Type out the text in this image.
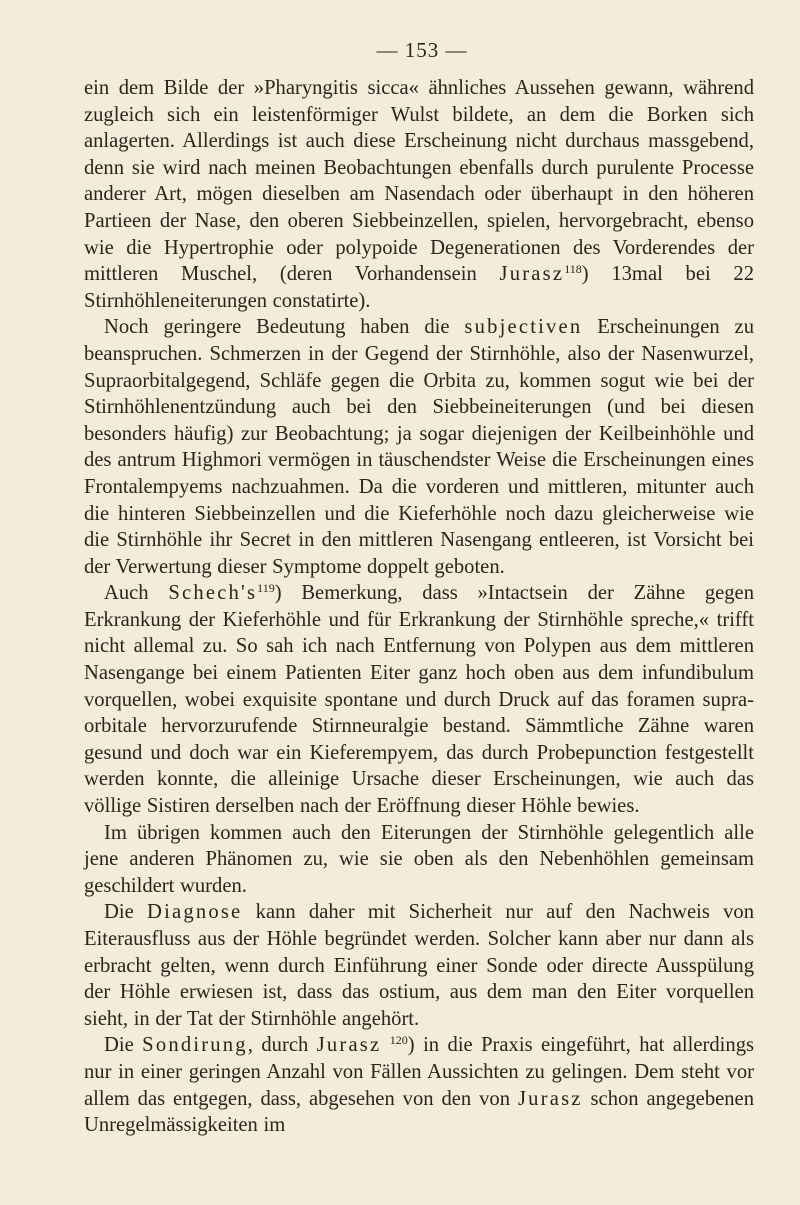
— 153 —

ein dem Bilde der »Pharyngitis sicca« ähnliches Aussehen gewann, während zugleich sich ein leistenförmiger Wulst bildete, an dem die Borken sich anlagerten. Allerdings ist auch diese Erscheinung nicht durchaus massgebend, denn sie wird nach meinen Beobachtungen ebenfalls durch purulente Processe anderer Art, mögen dieselben am Nasendach oder überhaupt in den höheren Partieen der Nase, den oberen Siebbeinzellen, spielen, hervorgebracht, ebenso wie die Hypertrophie oder polypoide Degenerationen des Vorderendes der mittleren Muschel, (deren Vorhandensein Jurasz$^{118}$) 13mal bei 22 Stirnhöhleneiterungen constatirte).

Noch geringere Bedeutung haben die subjectiven Erscheinungen zu beanspruchen. Schmerzen in der Gegend der Stirnhöhle, also der Nasenwurzel, Supraorbitalgegend, Schläfe gegen die Orbita zu, kommen sogut wie bei der Stirnhöhlenentzündung auch bei den Siebbeineiterungen (und bei diesen besonders häufig) zur Beobachtung; ja sogar diejenigen der Keilbeinhöhle und des antrum Highmori vermögen in täuschendster Weise die Erscheinungen eines Frontalempyems nachzuahmen. Da die vorderen und mittleren, mitunter auch die hinteren Siebbeinzellen und die Kieferhöhle noch dazu gleicherweise wie die Stirnhöhle ihr Secret in den mittleren Nasengang entleeren, ist Vorsicht bei der Verwertung dieser Symptome doppelt geboten.

Auch $Schech's^{119}$) Bemerkung, dass »Intactsein der Zähne gegen Erkrankung der Kieferhöhle und für Erkrankung der Stirnhöhle spreche,« trifft nicht allemal zu. So sah ich nach Entfernung von Polypen aus dem mittleren Nasengange bei einem Patienten Eiter ganz hoch oben aus dem infundibulum vorquellen, wobei exquisite spontane und durch Druck auf das foramen supraorbitale hervorzurufende Stirnneuralgie bestand. Sämmtliche Zähne waren gesund und doch war ein Kieferempyem, das durch Probepunction festgestellt werden konnte, die alleinige Ursache dieser Erscheinungen, wie auch das völlige Sistiren derselben nach der Eröffnung dieser Höhle bewies.

Im übrigen kommen auch den Eiterungen der Stirnhöhle gelegentlich alle jene anderen Phänomen zu, wie sie oben als den Nebenhöhlen gemeinsam geschildert wurden.

Die Diagnose kann daher mit Sicherheit nur auf den Nachweis von Eiterausfluss aus der Höhle begründet werden. Solcher kann aber nur dann als erbracht gelten, wenn durch Einführung einer Sonde oder directe Ausspülung der Höhle erwiesen ist, dass das ostium, aus dem man den Eiter vorquellen sieht, in der Tat der Stirnhöhle angehört.

Die Sondirung, durch Jurasz $^{120}$) in die Praxis eingeführt, hat allerdings nur in einer geringen Anzahl von Fällen Aussichten zu gelingen. Dem steht vor allem das entgegen, dass, abgesehen von den von Jurasz schon angegebenen Unregelmässigkeiten im
